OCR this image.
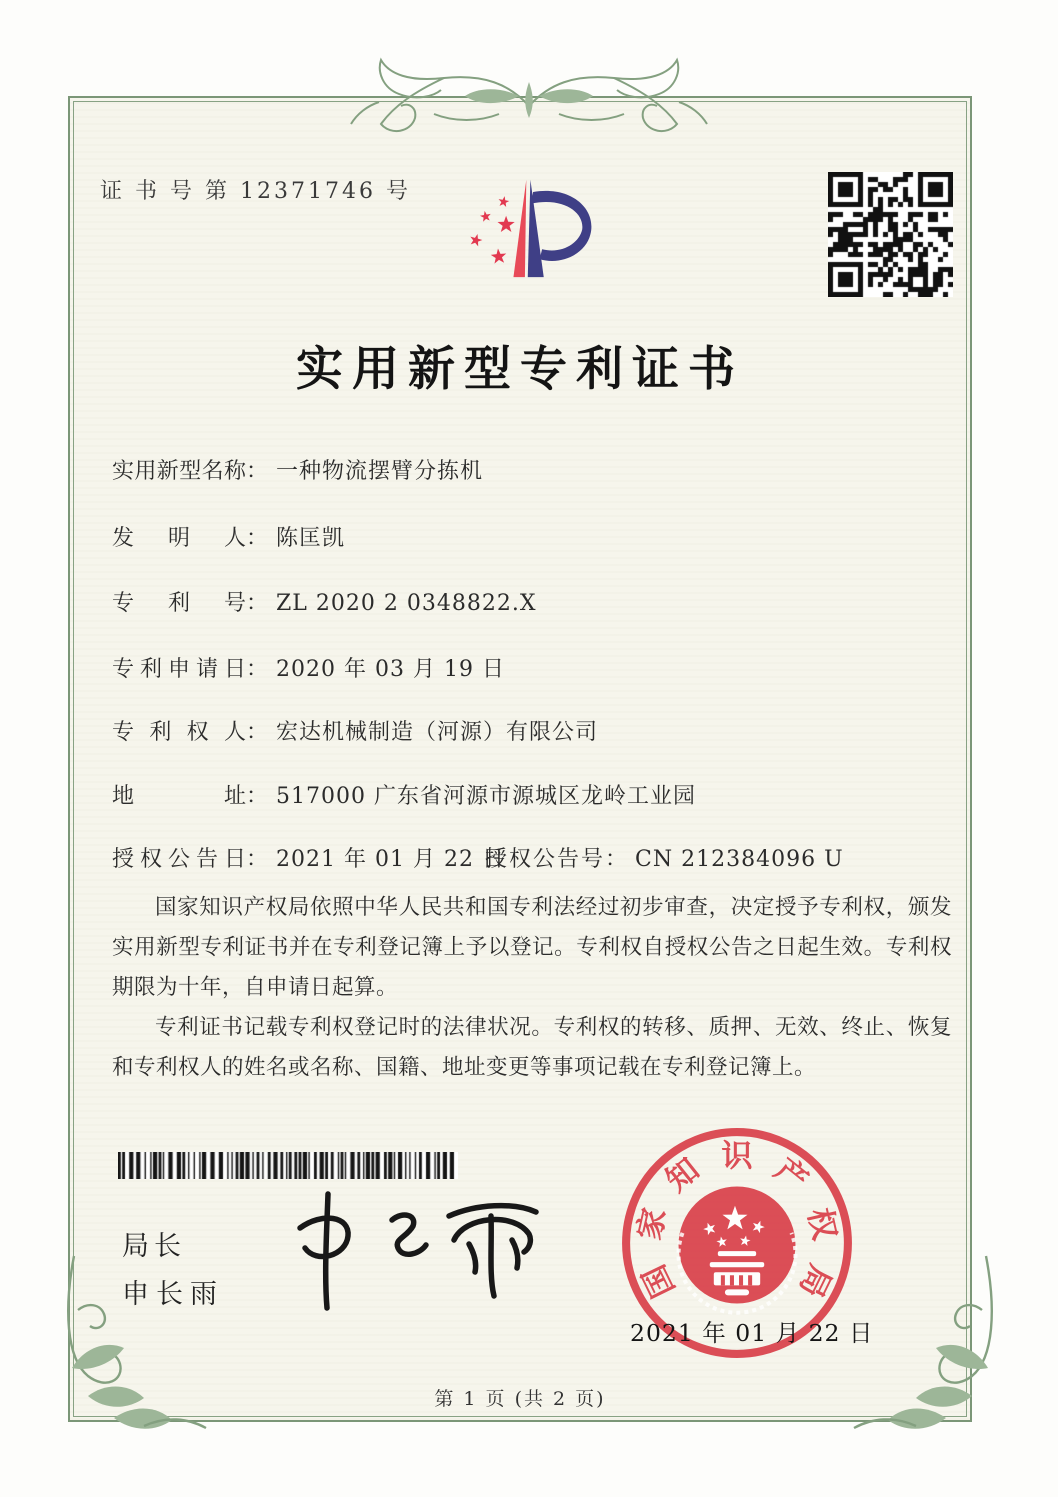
证 书 号 第 12371746 号
实用新型专利证书
实用新型名称： 一种物流摆臂分拣机
发明人： 陈匡凯
专利号： ZL 2020 2 0348822.X
专利申请日： 2020 年 03 月 19 日
专利权人： 宏达机械制造（河源）有限公司
地址： 517000 广东省河源市源城区龙岭工业园
授权公告日： 2021 年 01 月 22 日
授权公告号： CN 212384096 U

国家知识产权局依照中华人民共和国专利法经过初步审查，决定授予专利权，颁发实用新型专利证书并在专利登记簿上予以登记。专利权自授权公告之日起生效。专利权期限为十年，自申请日起算。

专利证书记载专利权登记时的法律状况。专利权的转移、质押、无效、终止、恢复和专利权人的姓名或名称、国籍、地址变更等事项记载在专利登记簿上。

局长
申长雨	国
家
知 识 产
权
局
2021 年 01 月 22 日
第 1 页 (共 2 页)
